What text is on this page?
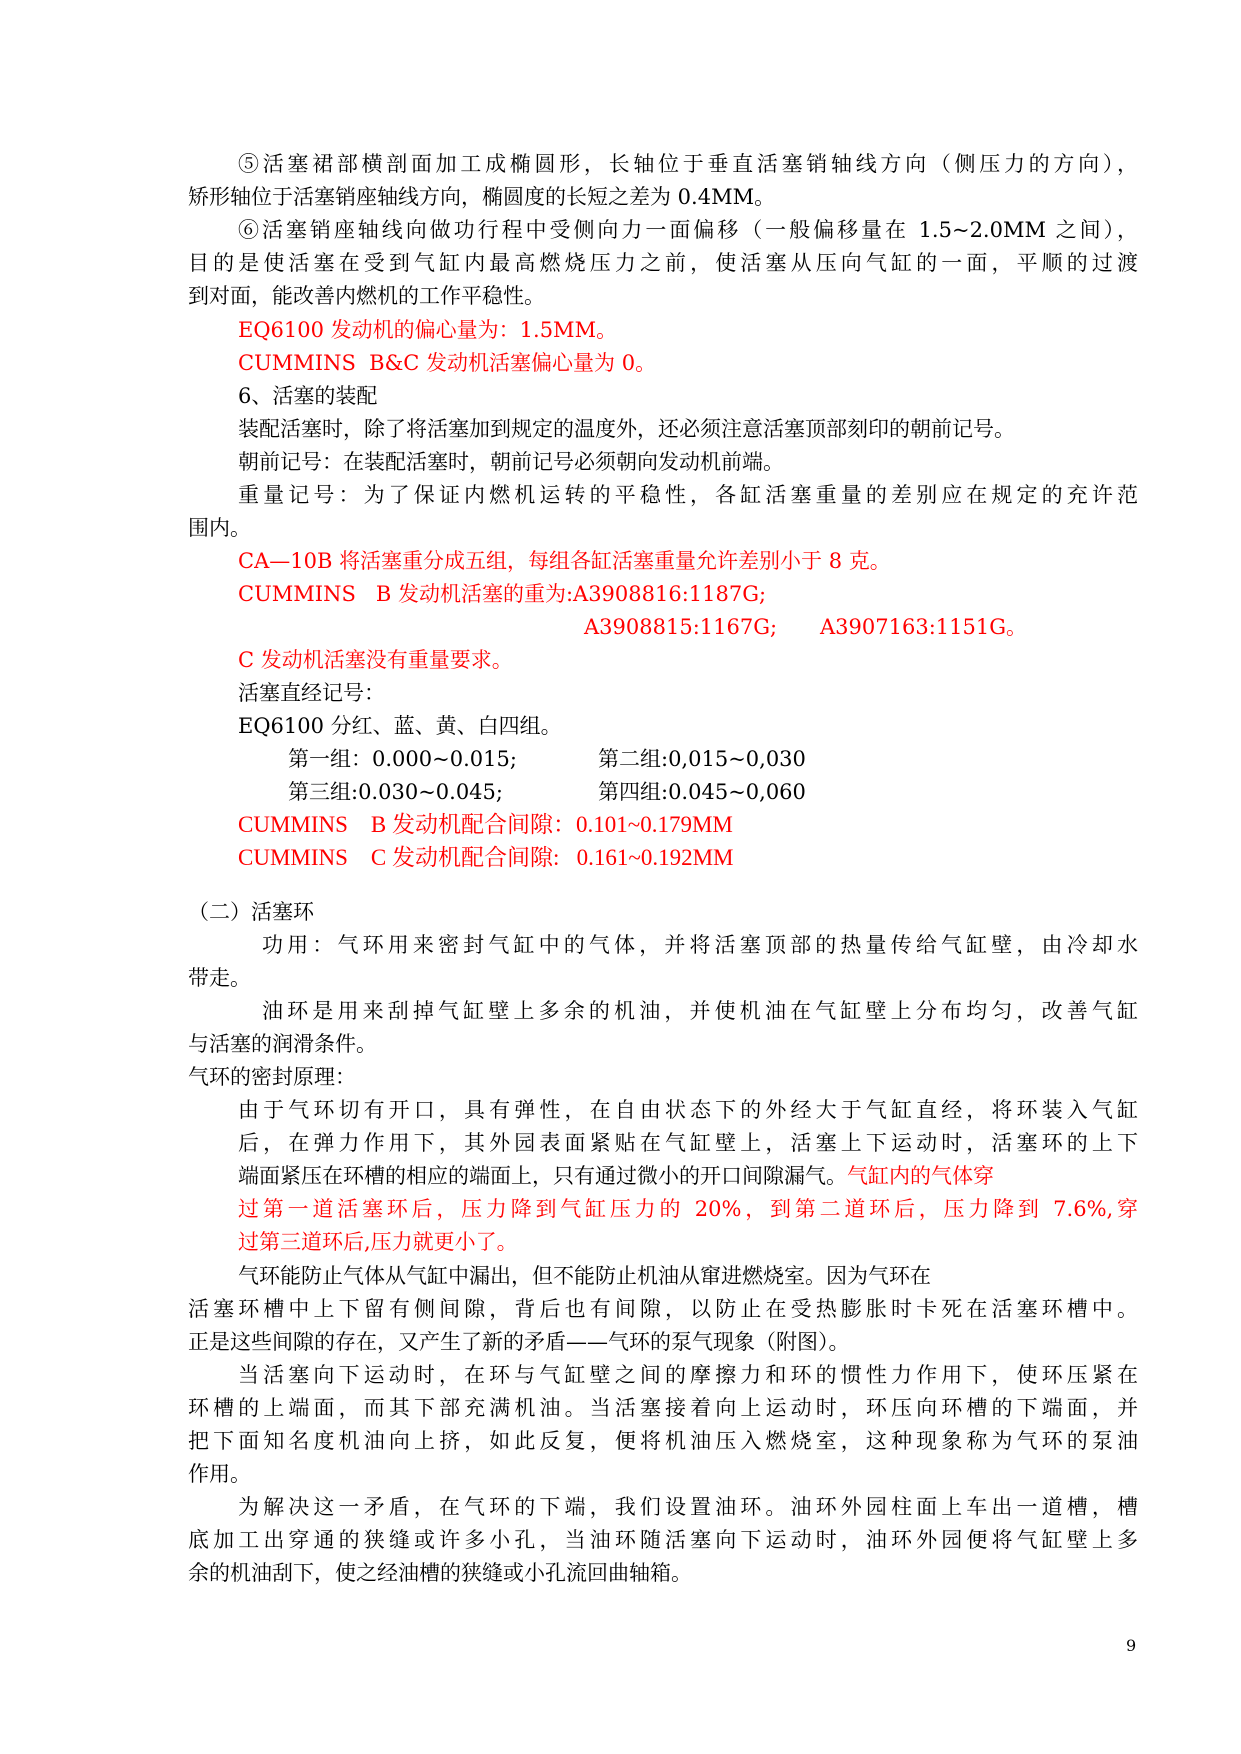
⑤活塞裙部横剖面加工成椭圆形，长轴位于垂直活塞销轴线方向（侧压力的方向），
矫形轴位于活塞销座轴线方向，椭圆度的长短之差为 0.4MM。
⑥活塞销座轴线向做功行程中受侧向力一面偏移（一般偏移量在 1.5~2.0MM 之间），
目的是使活塞在受到气缸内最高燃烧压力之前，使活塞从压向气缸的一面，平顺的过渡
到对面，能改善内燃机的工作平稳性。
EQ6100 发动机的偏心量为：1.5MM。
CUMMINS  B&C 发动机活塞偏心量为 0。
6、活塞的装配
装配活塞时，除了将活塞加到规定的温度外，还必须注意活塞顶部刻印的朝前记号。
朝前记号：在装配活塞时，朝前记号必须朝向发动机前端。
重量记号：为了保证内燃机运转的平稳性，各缸活塞重量的差别应在规定的充许范
围内。
CA—10B 将活塞重分成五组，每组各缸活塞重量允许差别小于 8 克。
CUMMINS   B 发动机活塞的重为:A3908816:1187G;
A3908815:1167G; A3907163:1151G。
C 发动机活塞没有重量要求。
活塞直经记号：
EQ6100 分红、蓝、黄、白四组。
第一组：0.000~0.015;	第二组:0,015~0,030
第三组:0.030~0.045;	第四组:0.045~0,060
CUMMINS    B 发动机配合间隙：0.101~0.179MM
CUMMINS    C 发动机配合间隙:   0.161~0.192MM
（二）活塞环
功用：气环用来密封气缸中的气体，并将活塞顶部的热量传给气缸壁，由冷却水
带走。
油环是用来刮掉气缸壁上多余的机油，并使机油在气缸壁上分布均匀，改善气缸
与活塞的润滑条件。
气环的密封原理：
由于气环切有开口，具有弹性，在自由状态下的外经大于气缸直经，将环装入气缸
后，在弹力作用下，其外园表面紧贴在气缸壁上，活塞上下运动时，活塞环的上下
端面紧压在环槽的相应的端面上，只有通过微小的开口间隙漏气。气缸内的气体穿
过第一道活塞环后，压力降到气缸压力的 20%，到第二道环后，压力降到 7.6%,穿
过第三道环后,压力就更小了。
气环能防止气体从气缸中漏出，但不能防止机油从窜进燃烧室。因为气环在
活塞环槽中上下留有侧间隙，背后也有间隙，以防止在受热膨胀时卡死在活塞环槽中。
正是这些间隙的存在，又产生了新的矛盾——气环的泵气现象（附图）。
当活塞向下运动时，在环与气缸壁之间的摩擦力和环的惯性力作用下，使环压紧在
环槽的上端面，而其下部充满机油。当活塞接着向上运动时，环压向环槽的下端面，并
把下面知名度机油向上挤，如此反复，便将机油压入燃烧室，这种现象称为气环的泵油
作用。
为解决这一矛盾，在气环的下端，我们设置油环。油环外园柱面上车出一道槽，槽
底加工出穿通的狭缝或许多小孔，当油环随活塞向下运动时，油环外园便将气缸壁上多
余的机油刮下，使之经油槽的狭缝或小孔流回曲轴箱。
9
